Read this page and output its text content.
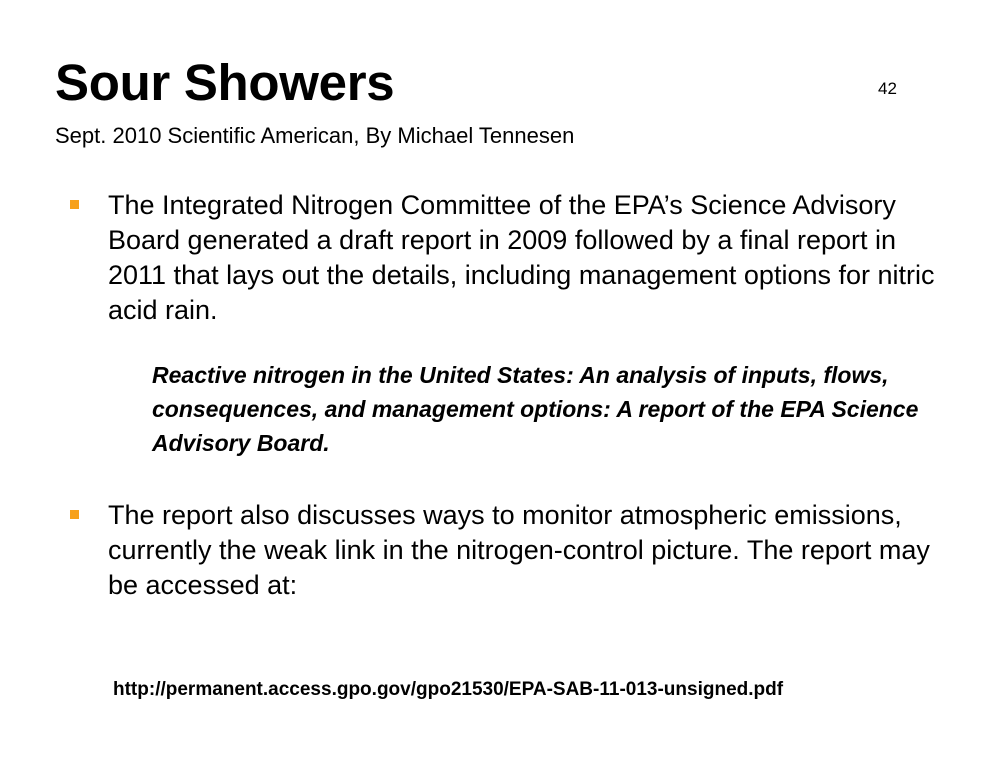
Sour Showers	42
Sept. 2010 Scientific American, By Michael Tennesen
The Integrated Nitrogen Committee of the EPA’s Science Advisory Board generated a draft report in 2009 followed by a final report in 2011 that lays out the details, including management options for nitric acid rain.
Reactive nitrogen in the United States: An analysis of inputs, flows, consequences, and management options: A report of the EPA Science Advisory Board.
The report also discusses ways to monitor atmospheric emissions, currently the weak link in the nitrogen-control picture. The report may be accessed at:
http://permanent.access.gpo.gov/gpo21530/EPA-SAB-11-013-unsigned.pdf
